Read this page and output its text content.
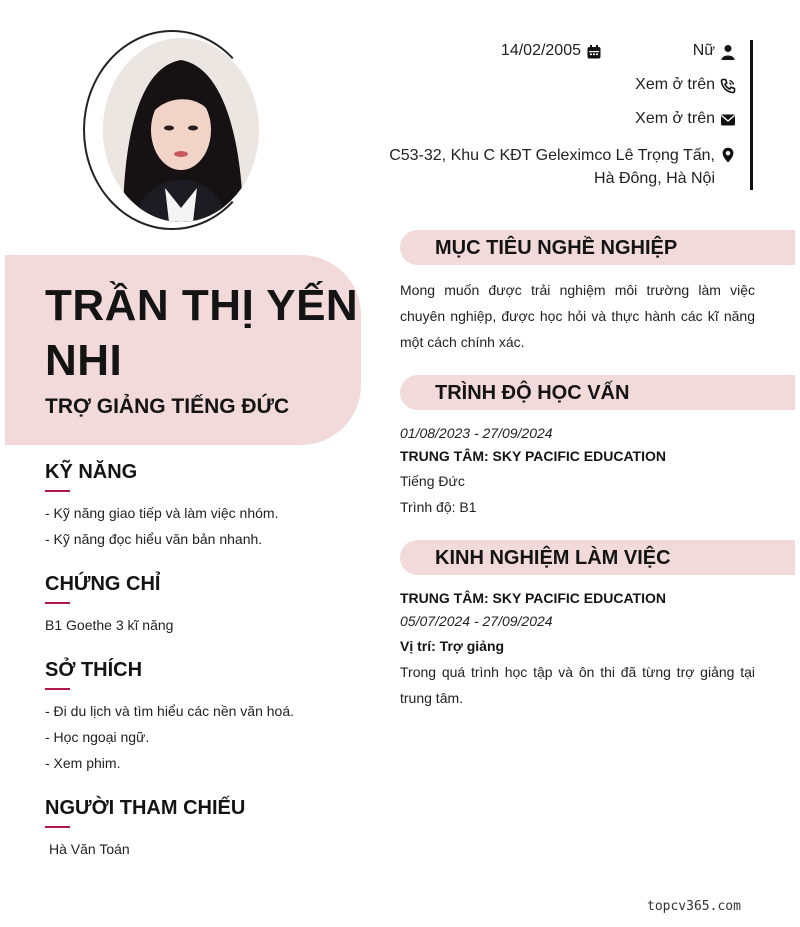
TRẦN THỊ YẾN NHI
TRỢ GIẢNG TIẾNG ĐỨC
KỸ NĂNG
- Kỹ năng giao tiếp và làm việc nhóm.
- Kỹ năng đọc hiểu văn bản nhanh.
CHỨNG CHỈ
B1 Goethe 3 kĩ năng
SỞ THÍCH
- Đi du lịch và tìm hiểu các nền văn hoá.
- Học ngoại ngữ.
- Xem phim.
NGƯỜI THAM CHIẾU
Hà Văn Toán
14/02/2005	Nữ
Xem ở trên
Xem ở trên
C53-32, Khu C KĐT Geleximco Lê Trọng Tấn,
Hà Đông, Hà Nội
MỤC TIÊU NGHỀ NGHIỆP
Mong muốn được trải nghiệm môi trường làm việc chuyên nghiệp, được học hỏi và thực hành các kĩ năng một cách chính xác.
TRÌNH ĐỘ HỌC VẤN
01/08/2023 - 27/09/2024
TRUNG TÂM: SKY PACIFIC EDUCATION
Tiếng Đức
Trình độ: B1
KINH NGHIỆM LÀM VIỆC
TRUNG TÂM: SKY PACIFIC EDUCATION
05/07/2024 - 27/09/2024
Vị trí: Trợ giảng
Trong quá trình học tập và ôn thi đã từng trợ giảng tại trung tâm.
topcv365.com
